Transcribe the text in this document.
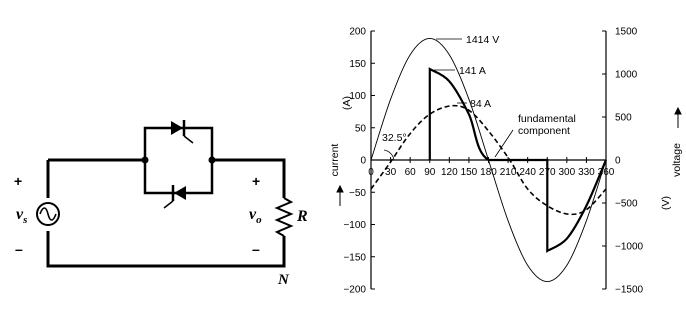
+
–
$v_s$
+
–
$v_o$ R
N
200
150
100
50
0
−50
−100
−150
−200
1500
1000
500
0
−500
−1000
−1500
0 30 60 90 120 150 180 210 240 270 300 330 360
current
(A)
voltage
(V)
1414 V
141 A
84 A
fundamental
component
32.5°
